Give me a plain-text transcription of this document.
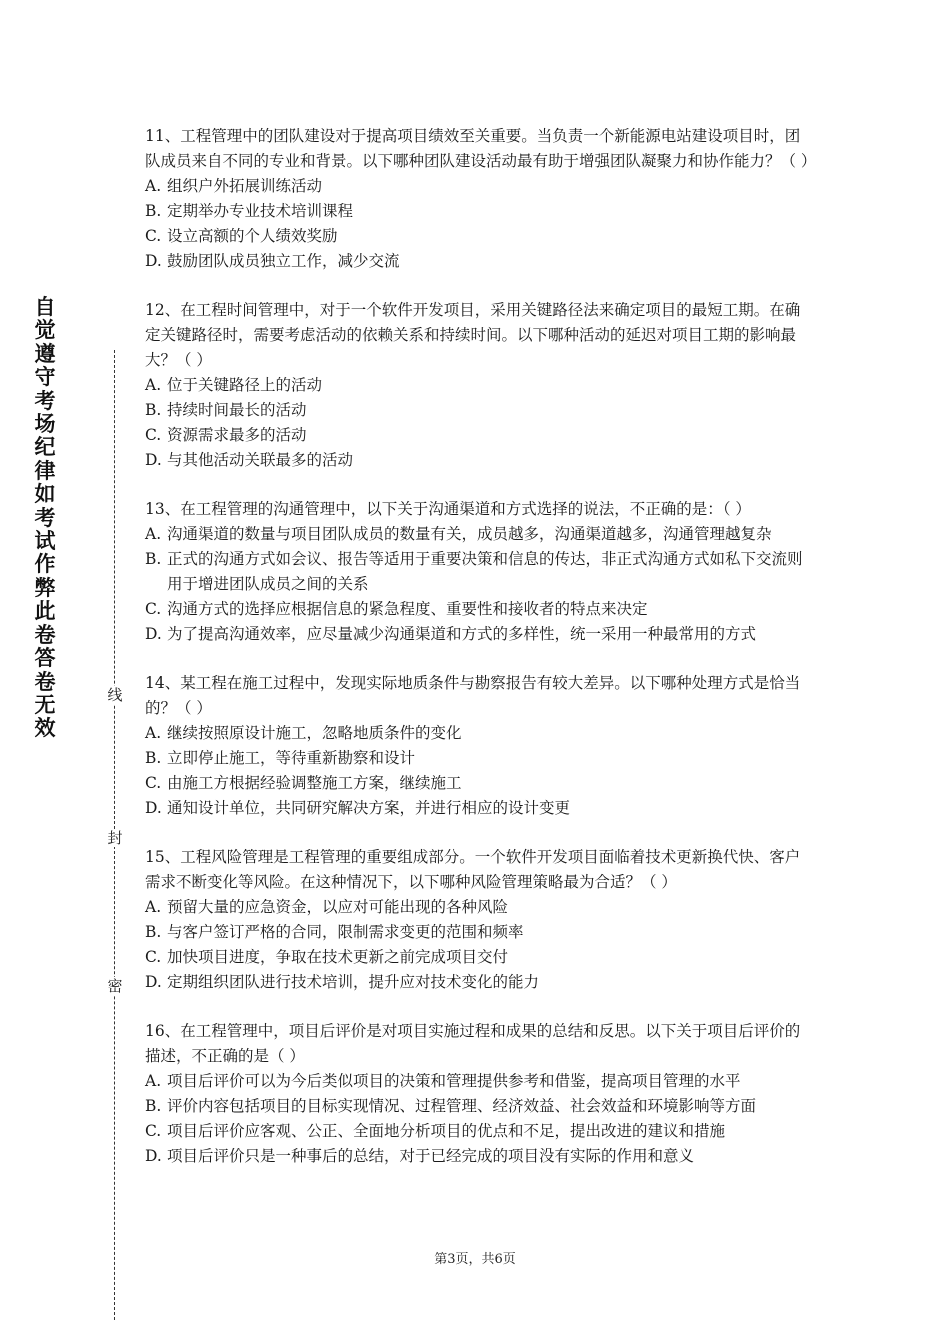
自觉遵守考场纪律如考试作弊此卷答卷无效
线
封
密

11、工程管理中的团队建设对于提高项目绩效至关重要。当负责一个新能源电站建设项目时，团队成员来自不同的专业和背景。以下哪种团队建设活动最有助于增强团队凝聚力和协作能力？（ ）

A. 组织户外拓展训练活动
B. 定期举办专业技术培训课程
C. 设立高额的个人绩效奖励
D. 鼓励团队成员独立工作，减少交流

12、在工程时间管理中，对于一个软件开发项目，采用关键路径法来确定项目的最短工期。在确定关键路径时，需要考虑活动的依赖关系和持续时间。以下哪种活动的延迟对项目工期的影响最大？（ ）

A. 位于关键路径上的活动
B. 持续时间最长的活动
C. 资源需求最多的活动
D. 与其他活动关联最多的活动

13、在工程管理的沟通管理中，以下关于沟通渠道和方式选择的说法，不正确的是：（ ）

A. 沟通渠道的数量与项目团队成员的数量有关，成员越多，沟通渠道越多，沟通管理越复杂
B. 正式的沟通方式如会议、报告等适用于重要决策和信息的传达，非正式沟通方式如私下交流则用于增进团队成员之间的关系
C. 沟通方式的选择应根据信息的紧急程度、重要性和接收者的特点来决定
D. 为了提高沟通效率，应尽量减少沟通渠道和方式的多样性，统一采用一种最常用的方式

14、某工程在施工过程中，发现实际地质条件与勘察报告有较大差异。以下哪种处理方式是恰当的？（ ）

A. 继续按照原设计施工，忽略地质条件的变化
B. 立即停止施工，等待重新勘察和设计
C. 由施工方根据经验调整施工方案，继续施工
D. 通知设计单位，共同研究解决方案，并进行相应的设计变更

15、工程风险管理是工程管理的重要组成部分。一个软件开发项目面临着技术更新换代快、客户需求不断变化等风险。在这种情况下，以下哪种风险管理策略最为合适？（ ）

A. 预留大量的应急资金，以应对可能出现的各种风险
B. 与客户签订严格的合同，限制需求变更的范围和频率
C. 加快项目进度，争取在技术更新之前完成项目交付
D. 定期组织团队进行技术培训，提升应对技术变化的能力

16、在工程管理中，项目后评价是对项目实施过程和成果的总结和反思。以下关于项目后评价的描述，不正确的是（ ）

A. 项目后评价可以为今后类似项目的决策和管理提供参考和借鉴，提高项目管理的水平
B. 评价内容包括项目的目标实现情况、过程管理、经济效益、社会效益和环境影响等方面
C. 项目后评价应客观、公正、全面地分析项目的优点和不足，提出改进的建议和措施
D. 项目后评价只是一种事后的总结，对于已经完成的项目没有实际的作用和意义
第3页，共6页
